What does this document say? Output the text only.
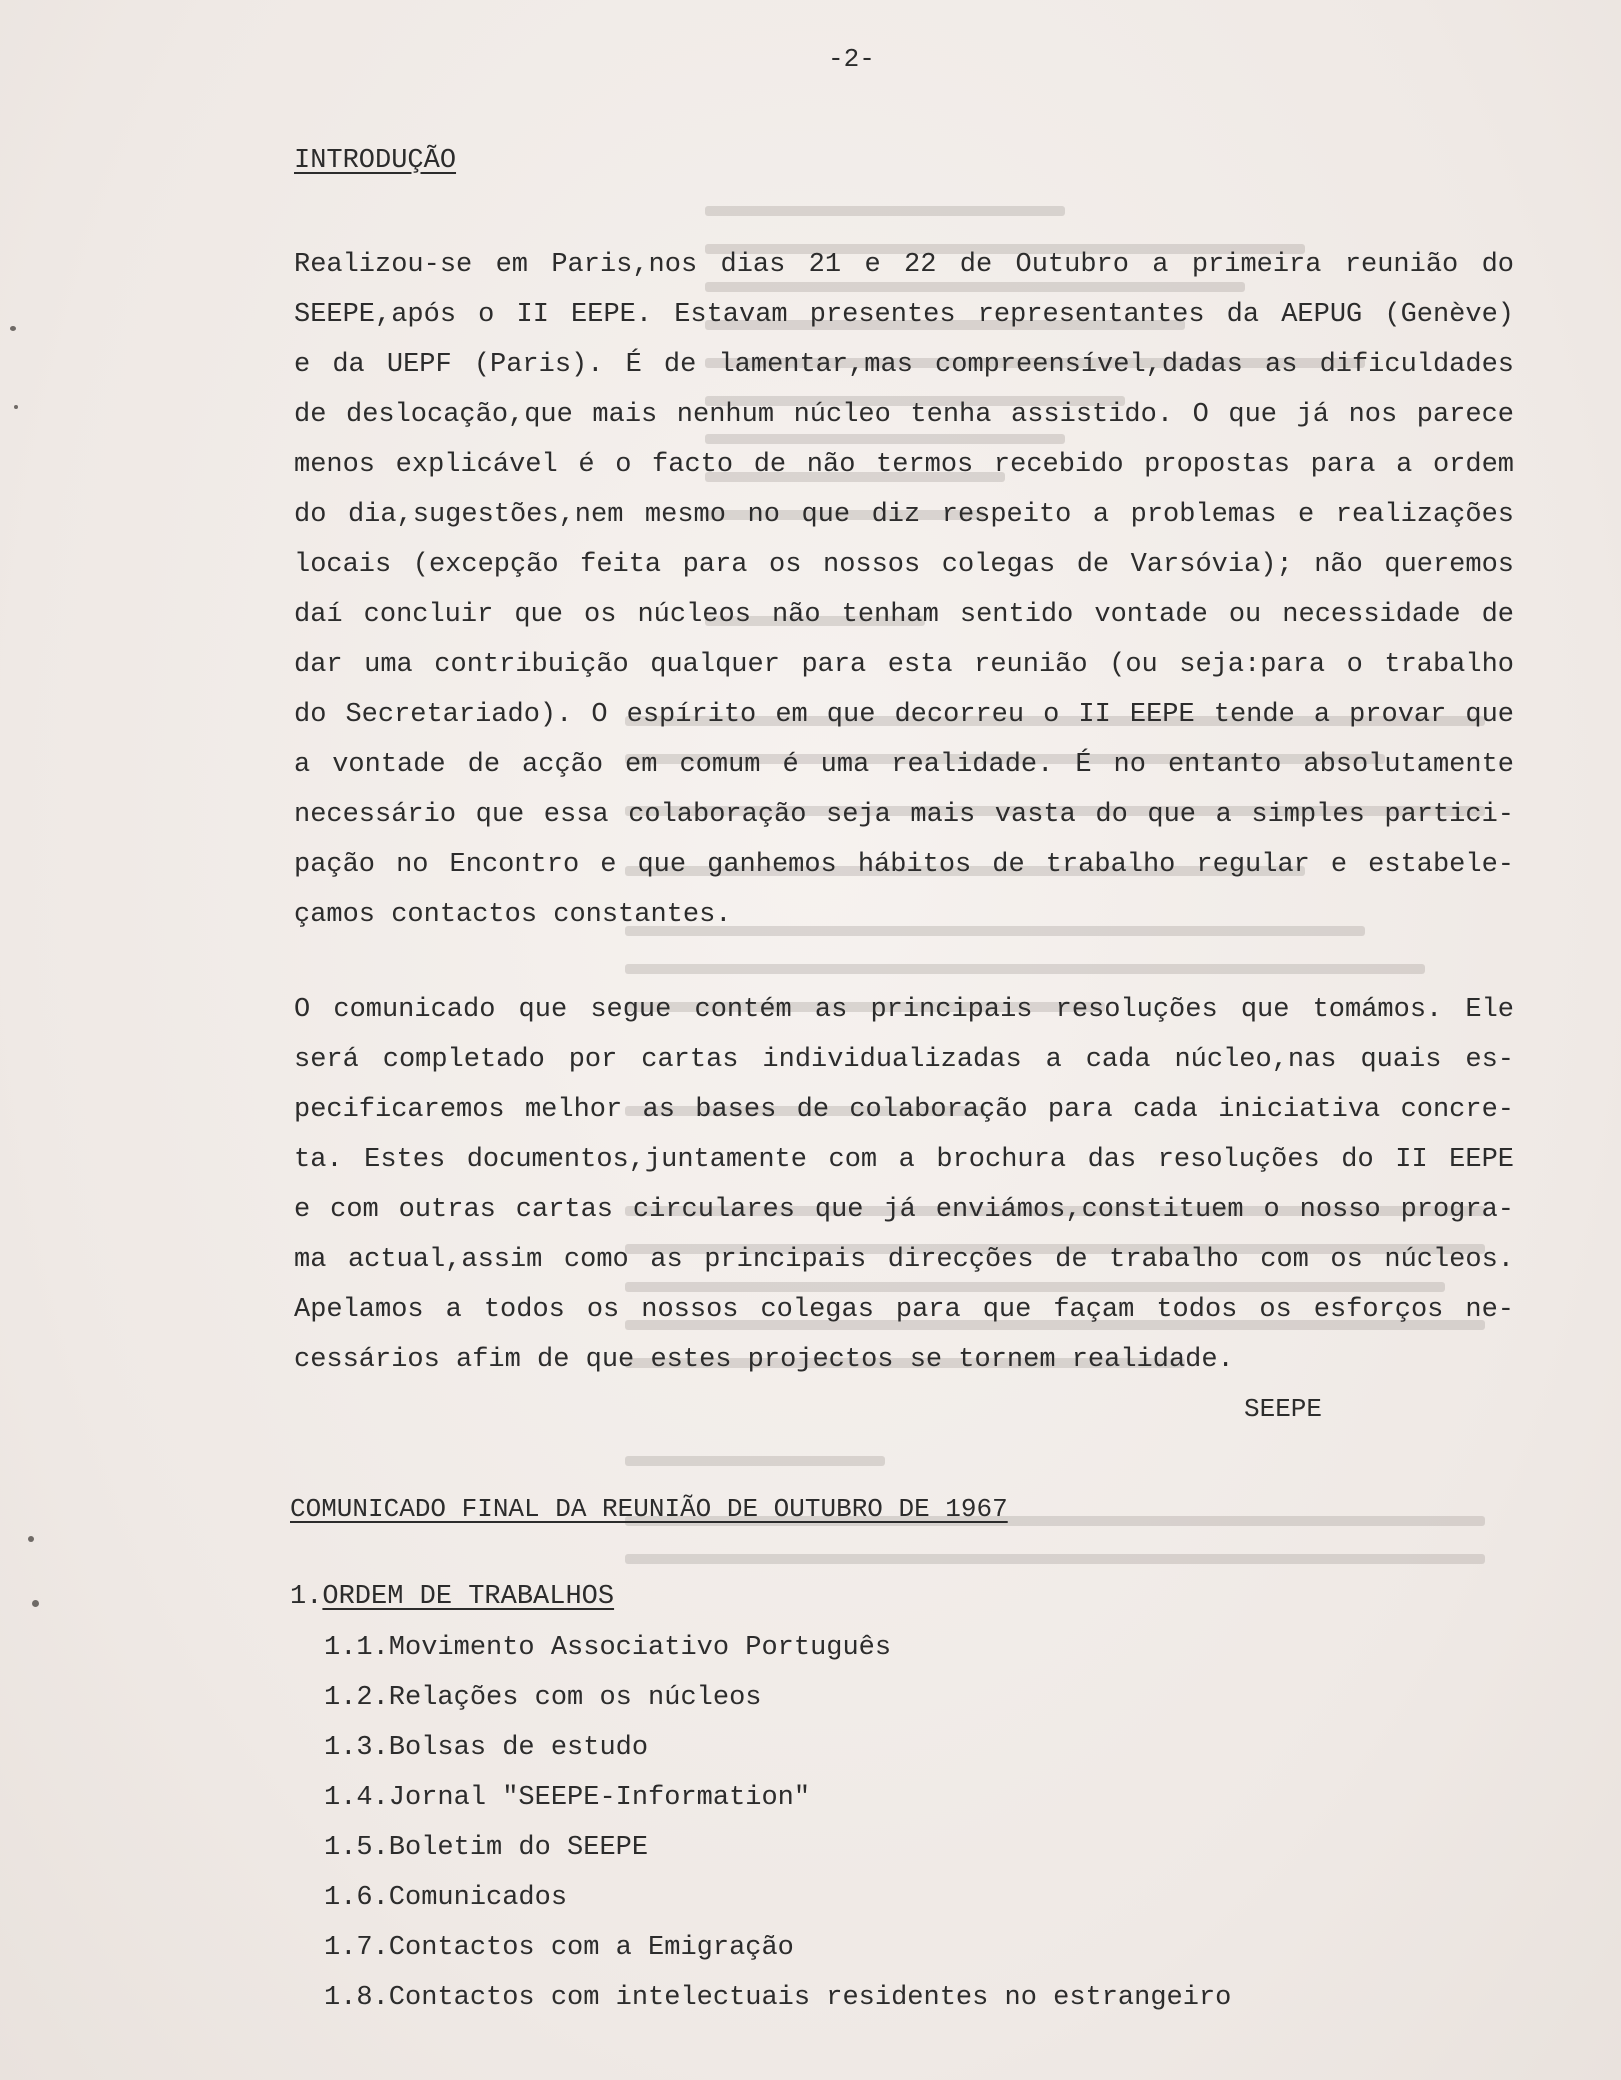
-2-
INTRODUÇÃO
Realizou-se em Paris,nos dias 21 e 22 de Outubro a primeira reunião do
SEEPE,após o II EEPE. Estavam presentes representantes da AEPUG (Genève)
e da UEPF (Paris). É de lamentar,mas compreensível,dadas as dificuldades
de deslocação,que mais nenhum núcleo tenha assistido. O que já nos parece
menos explicável é o facto de não termos recebido propostas para a ordem
do dia,sugestões,nem mesmo no que diz respeito a problemas e realizações
locais (excepção feita para os nossos colegas de Varsóvia); não queremos
daí concluir que os núcleos não tenham sentido vontade ou necessidade de
dar uma contribuição qualquer para esta reunião (ou seja:para o trabalho
do Secretariado). O espírito em que decorreu o II EEPE tende a provar que
a vontade de acção em comum é uma realidade. É no entanto absolutamente
necessário que essa colaboração seja mais vasta do que a simples partici-
pação no Encontro e que ganhemos hábitos de trabalho regular e estabele-
çamos contactos constantes.
O comunicado que segue contém as principais resoluções que tomámos. Ele
será completado por cartas individualizadas a cada núcleo,nas quais es-
pecificaremos melhor as bases de colaboração para cada iniciativa concre-
ta. Estes documentos,juntamente com a brochura das resoluções do II EEPE
e com outras cartas circulares que já enviámos,constituem o nosso progra-
ma actual,assim como as principais direcções de trabalho com os núcleos.
Apelamos a todos os nossos colegas para que façam todos os esforços ne-
cessários afim de que estes projectos se tornem realidade.
SEEPE
COMUNICADO FINAL DA REUNIÃO DE OUTUBRO DE 1967
1.ORDEM DE TRABALHOS
1.1.Movimento Associativo Português
1.2.Relações com os núcleos
1.3.Bolsas de estudo
1.4.Jornal "SEEPE-Information"
1.5.Boletim do SEEPE
1.6.Comunicados
1.7.Contactos com a Emigração
1.8.Contactos com intelectuais residentes no estrangeiro
